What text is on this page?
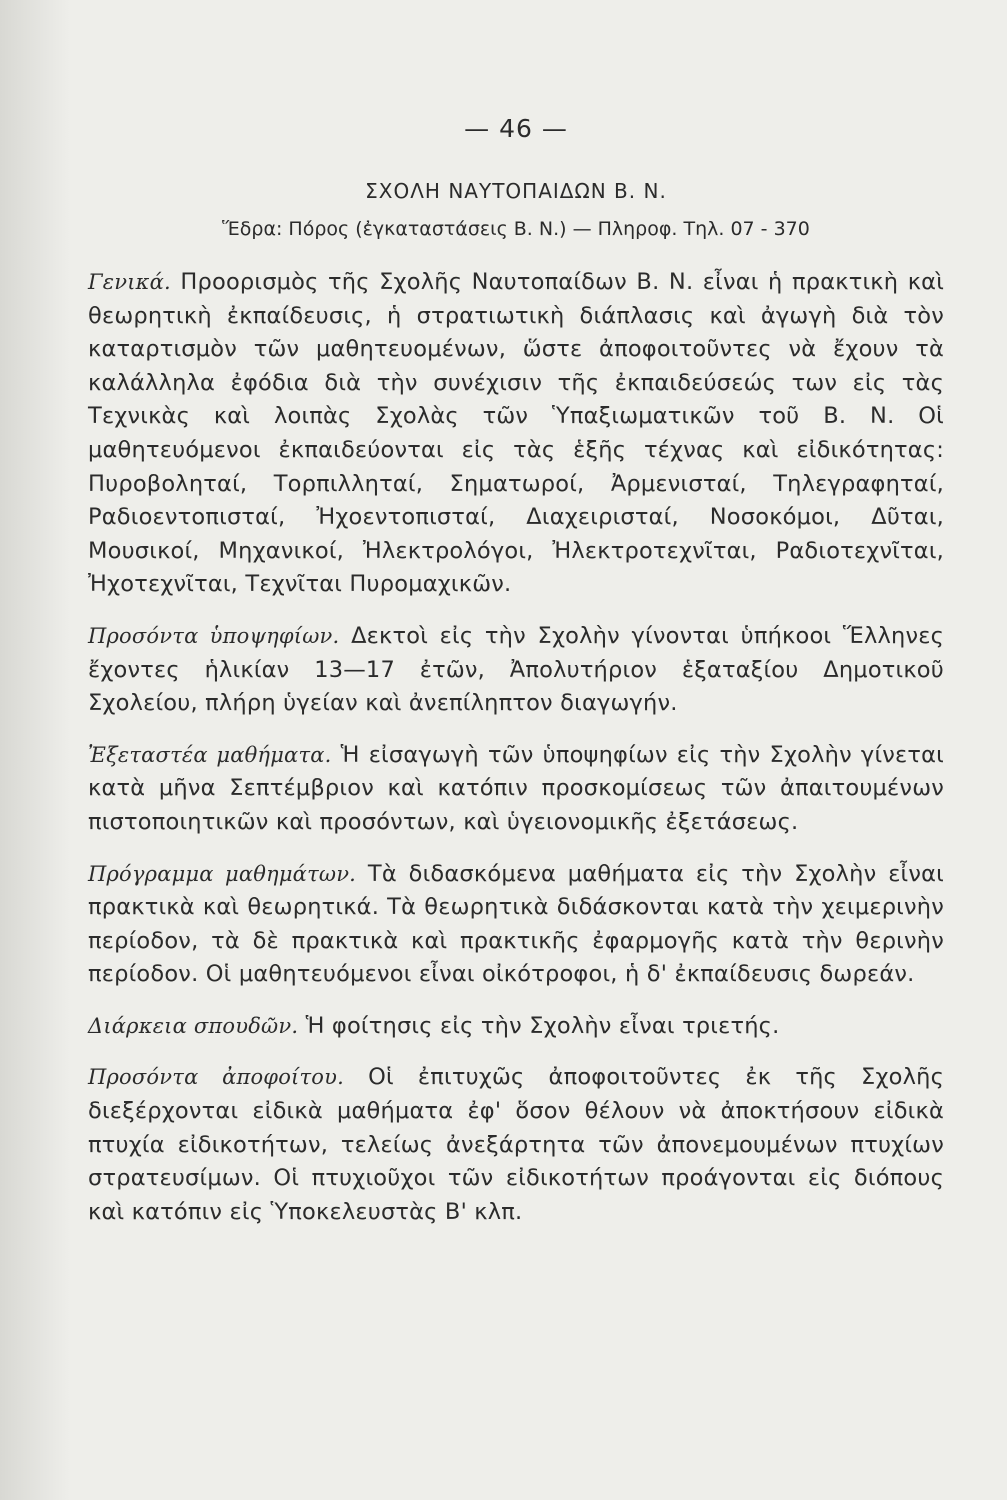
— 46 —
ΣΧΟΛΗ ΝΑΥΤΟΠΑΙΔΩΝ Β. Ν.
Ἕδρα: Πόρος (ἐγκαταστάσεις Β. Ν.) — Πληροφ. Τηλ. 07 - 370

Γενικά. Προορισμὸς τῆς Σχολῆς Ναυτοπαίδων Β. Ν. εἶναι ἡ πρακτικὴ καὶ θεωρητικὴ ἐκπαίδευσις, ἡ στρατιωτικὴ διάπλασις καὶ ἀγωγὴ διὰ τὸν καταρτισμὸν τῶν μαθητευομένων, ὥστε ἀποφοιτοῦντες νὰ ἔχουν τὰ καλάλληλα ἐφόδια διὰ τὴν συνέχισιν τῆς ἐκπαιδεύσεώς των εἰς τὰς Τεχνικὰς καὶ λοιπὰς Σχολὰς τῶν Ὑπαξιωματικῶν τοῦ Β. Ν. Οἱ μαθητευόμενοι ἐκπαιδεύονται εἰς τὰς ἑξῆς τέχνας καὶ εἰδικότητας: Πυροβοληταί, Τορπιλληταί, Σηματωροί, Ἀρμενισταί, Τηλεγραφηταί, Ραδιοεντοπισταί, Ἠχοεντοπισταί, Διαχειρισταί, Νοσοκόμοι, Δῦται, Μουσικοί, Μηχανικοί, Ἠλεκτρολόγοι, Ἠλεκτροτεχνῖται, Ραδιοτεχνῖται, Ἠχοτεχνῖται, Τεχνῖται Πυρομαχικῶν.

Προσόντα ὑποψηφίων. Δεκτοὶ εἰς τὴν Σχολὴν γίνονται ὑπήκοοι Ἕλληνες ἔχοντες ἡλικίαν 13—17 ἐτῶν, Ἀπολυτήριον ἑξαταξίου Δημοτικοῦ Σχολείου, πλήρη ὑγείαν καὶ ἀνεπίληπτον διαγωγήν.

Ἐξεταστέα μαθήματα. Ἡ εἰσαγωγὴ τῶν ὑποψηφίων εἰς τὴν Σχολὴν γίνεται κατὰ μῆνα Σεπτέμβριον καὶ κατόπιν προσκομίσεως τῶν ἀπαιτουμένων πιστοποιητικῶν καὶ προσόντων, καὶ ὑγειονομικῆς ἐξετάσεως.

Πρόγραμμα μαθημάτων. Τὰ διδασκόμενα μαθήματα εἰς τὴν Σχολὴν εἶναι πρακτικὰ καὶ θεωρητικά. Τὰ θεωρητικὰ διδάσκονται κατὰ τὴν χειμερινὴν περίοδον, τὰ δὲ πρακτικὰ καὶ πρακτικῆς ἐφαρμογῆς κατὰ τὴν θερινὴν περίοδον. Οἱ μαθητευόμενοι εἶναι οἰκότροφοι, ἡ δ' ἐκπαίδευσις δωρεάν.

Διάρκεια σπουδῶν. Ἡ φοίτησις εἰς τὴν Σχολὴν εἶναι τριετής.

Προσόντα ἀποφοίτου. Οἱ ἐπιτυχῶς ἀποφοιτοῦντες ἐκ τῆς Σχολῆς διεξέρχονται εἰδικὰ μαθήματα ἐφ' ὅσον θέλουν νὰ ἀποκτήσουν εἰδικὰ πτυχία εἰδικοτήτων, τελείως ἀνεξάρτητα τῶν ἀπονεμουμένων πτυχίων στρατευσίμων. Οἱ πτυχιοῦχοι τῶν εἰδικοτήτων προάγονται εἰς διόπους καὶ κατόπιν εἰς Ὑποκελευστὰς Β' κλπ.
